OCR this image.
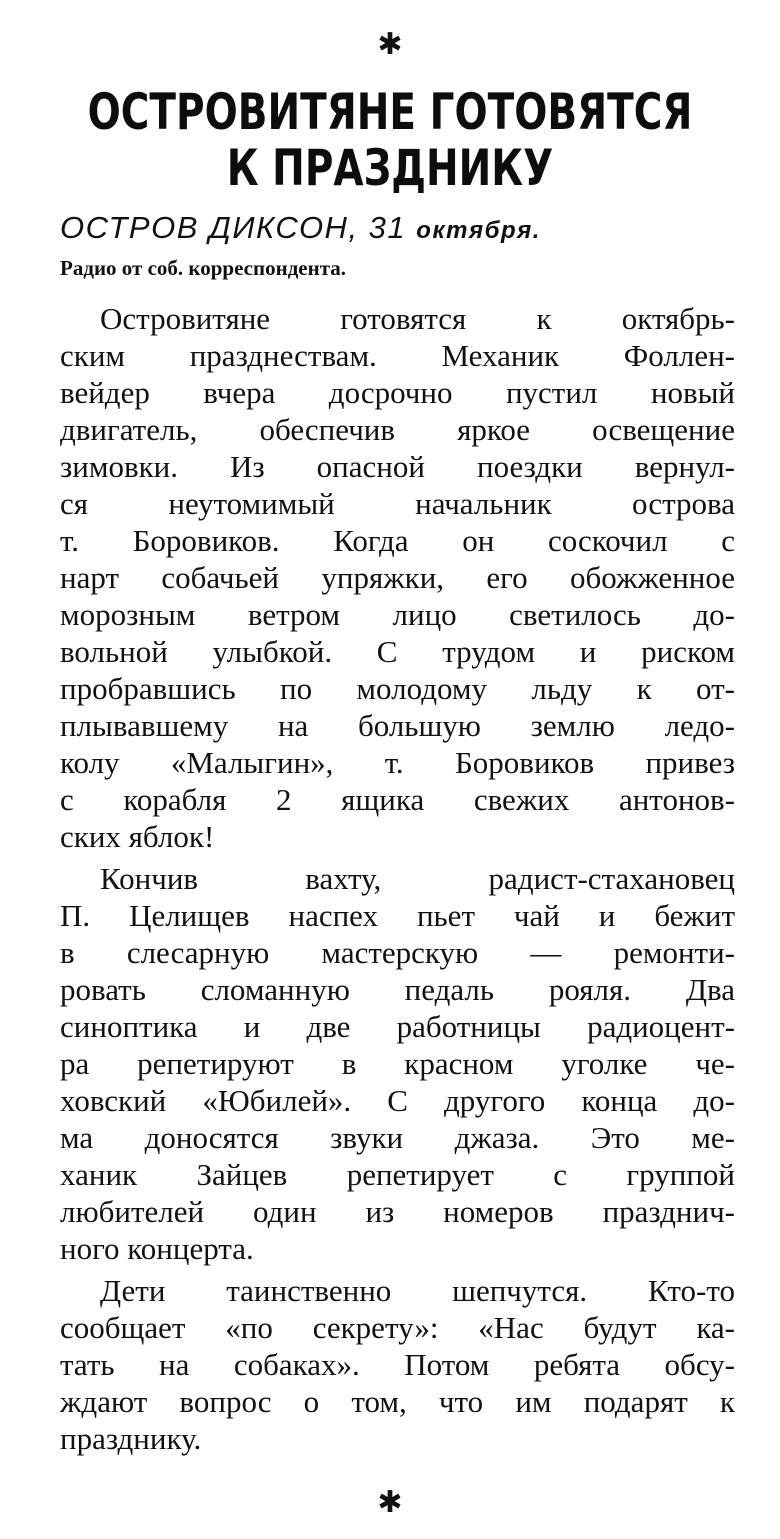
✱
ОСТРОВИТЯНЕ ГОТОВЯТСЯ
К ПРАЗДНИКУ
ОСТРОВ ДИКСОН, 31 октября.
Радио от соб. корреспондента.
Островитяне готовятся к октябрь-
ским празднествам. Механик Фоллен-
вейдер вчера досрочно пустил новый
двигатель, обеспечив яркое освещение
зимовки. Из опасной поездки вернул-
ся неутомимый начальник острова
т. Боровиков. Когда он соскочил с
нарт собачьей упряжки, его обожженное
морозным ветром лицо светилось до-
вольной улыбкой. С трудом и риском
пробравшись по молодому льду к от-
плывавшему на большую землю ледо-
колу «Малыгин», т. Боровиков привез
с корабля 2 ящика свежих антонов-
ских яблок!
Кончив вахту, радист-стахановец
П. Целищев наспех пьет чай и бежит
в слесарную мастерскую — ремонти-
ровать сломанную педаль рояля. Два
синоптика и две работницы радиоцент-
ра репетируют в красном уголке че-
ховский «Юбилей». С другого конца до-
ма доносятся звуки джаза. Это ме-
ханик Зайцев репетирует с группой
любителей один из номеров празднич-
ного концерта.
Дети таинственно шепчутся. Кто-то
сообщает «по секрету»: «Нас будут ка-
тать на собаках». Потом ребята обсу-
ждают вопрос о том, что им подарят к
празднику.
✱
